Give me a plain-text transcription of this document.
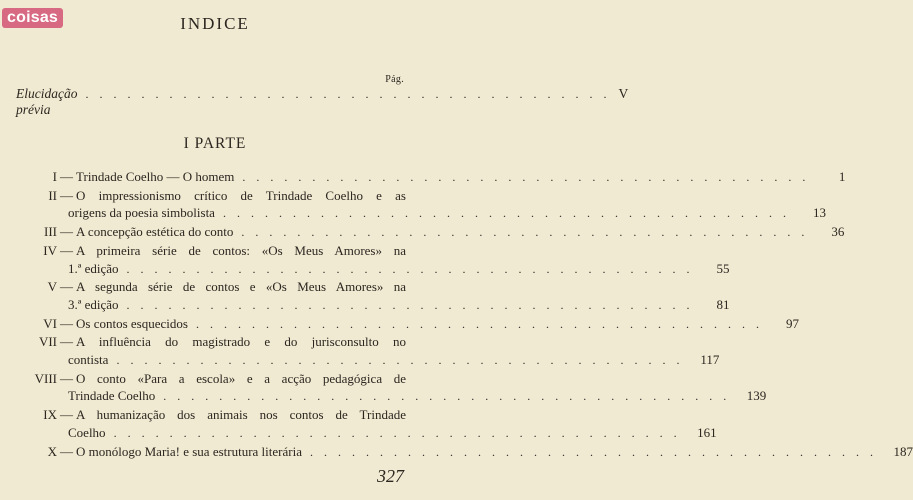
coisas	INDICE
Pág.
Elucidação prévia
. . . . . . . . . . . . . . . . . . . . . . . . . . . . . . . . . . . . . . V
I PARTE
I — Trindade Coelho — O homem . . . . . . . . . . . . . . . . . . . . . . . . . . . . . . . . . . . . . . . . .	1
II — O impressionismo crítico de Trindade Coelho e as
origens da poesia simbolista . . . . . . . . . . . . . . . . . . . . . . . . . . . . . . . . . . . . . . . . .	13
III — A concepção estética do conto . . . . . . . . . . . . . . . . . . . . . . . . . . . . . . . . . . . . . . . . .	36
IV — A primeira série de contos: «Os Meus Amores» na
1.ª edição . . . . . . . . . . . . . . . . . . . . . . . . . . . . . . . . . . . . . . . . .	55
V — A segunda série de contos e «Os Meus Amores» na
3.ª edição . . . . . . . . . . . . . . . . . . . . . . . . . . . . . . . . . . . . . . . . .	81
VI — Os contos esquecidos . . . . . . . . . . . . . . . . . . . . . . . . . . . . . . . . . . . . . . . . .	97
VII — A influência do magistrado e do jurisconsulto no
contista . . . . . . . . . . . . . . . . . . . . . . . . . . . . . . . . . . . . . . . . .	117
VIII — O conto «Para a escola» e a acção pedagógica de
Trindade Coelho . . . . . . . . . . . . . . . . . . . . . . . . . . . . . . . . . . . . . . . . .	139
IX — A humanização dos animais nos contos de Trindade
Coelho . . . . . . . . . . . . . . . . . . . . . . . . . . . . . . . . . . . . . . . . .	161
X — O monólogo Maria! e sua estrutura literária . . . . . . . . . . . . . . . . . . . . . . . . . . . . . . . . . . . . . . . . .	187
327
